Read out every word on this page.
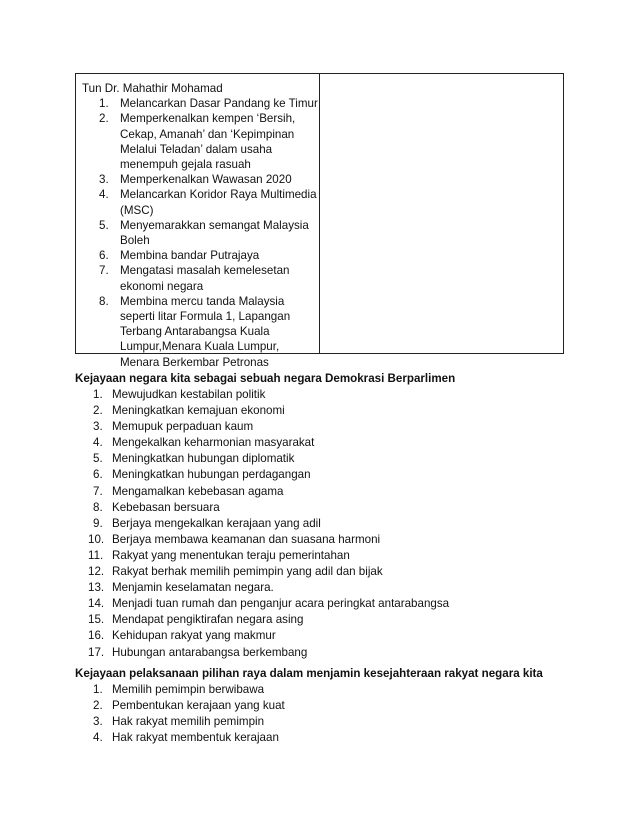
Tun Dr. Mahathir Mohamad
1. Melancarkan Dasar Pandang ke Timur
2. Memperkenalkan kempen ‘Bersih,
Cekap, Amanah’ dan ‘Kepimpinan
Melalui Teladan’ dalam usaha
menempuh gejala rasuah
3. Memperkenalkan Wawasan 2020
4. Melancarkan Koridor Raya Multimedia
(MSC)
5. Menyemarakkan semangat Malaysia
Boleh
6. Membina bandar Putrajaya
7. Mengatasi masalah kemelesetan
ekonomi negara
8. Membina mercu tanda Malaysia
seperti litar Formula 1, Lapangan
Terbang Antarabangsa Kuala
Lumpur,Menara Kuala Lumpur,
Menara Berkembar Petronas
Kejayaan negara kita sebagai sebuah negara Demokrasi Berparlimen
1. Mewujudkan kestabilan politik
2. Meningkatkan kemajuan ekonomi
3. Memupuk perpaduan kaum
4. Mengekalkan keharmonian masyarakat
5. Meningkatkan hubungan diplomatik
6. Meningkatkan hubungan perdagangan
7. Mengamalkan kebebasan agama
8. Kebebasan bersuara
9. Berjaya mengekalkan kerajaan yang adil
10. Berjaya membawa keamanan dan suasana harmoni
11. Rakyat yang menentukan teraju pemerintahan
12. Rakyat berhak memilih pemimpin yang adil dan bijak
13. Menjamin keselamatan negara.
14. Menjadi tuan rumah dan penganjur acara peringkat antarabangsa
15. Mendapat pengiktirafan negara asing
16. Kehidupan rakyat yang makmur
17. Hubungan antarabangsa berkembang
Kejayaan pelaksanaan pilihan raya dalam menjamin kesejahteraan rakyat negara kita
1. Memilih pemimpin berwibawa
2. Pembentukan kerajaan yang kuat
3. Hak rakyat memilih pemimpin
4. Hak rakyat membentuk kerajaan
